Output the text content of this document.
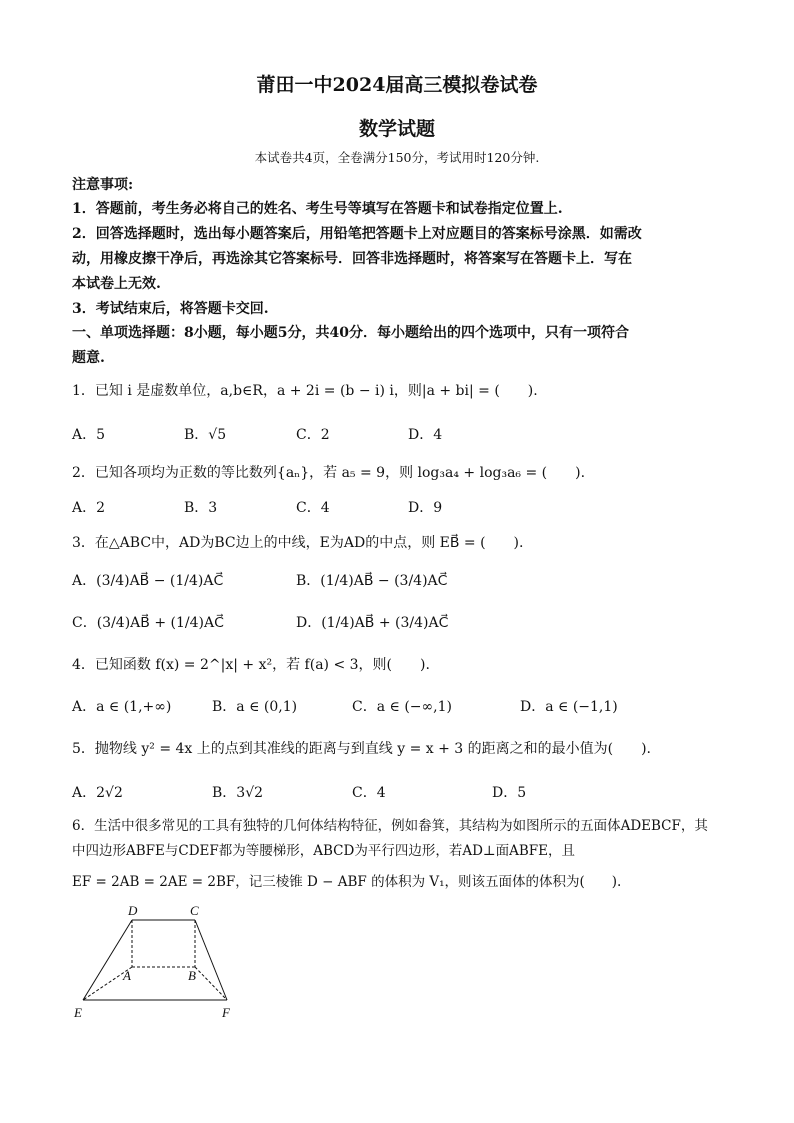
莆田一中2024届高三模拟卷试卷
数学试题
本试卷共4页，全卷满分150分，考试用时120分钟.
注意事项:
1．答题前，考生务必将自己的姓名、考生号等填写在答题卡和试卷指定位置上.
2．回答选择题时，选出每小题答案后，用铅笔把答题卡上对应题目的答案标号涂黑．如需改
动，用橡皮擦干净后，再选涂其它答案标号．回答非选择题时，将答案写在答题卡上．写在
本试卷上无效.
3．考试结束后，将答题卡交回.
一、单项选择题：8小题，每小题5分，共40分．每小题给出的四个选项中，只有一项符合
题意.
1．已知 i 是虚数单位，a,b∈R，a + 2i = (b − i) i，则|a + bi| = (　　).
A．5	B．√5	C．2	D．4
2．已知各项均为正数的等比数列{aₙ}，若 a₅ = 9，则 log₃a₄ + log₃a₆ = (　　).
A．2	B．3	C．4	D．9
3．在△ABC中，AD为BC边上的中线，E为AD的中点，则 EB⃗ = (　　).
A．(3/4)AB⃗ − (1/4)AC⃗	B．(1/4)AB⃗ − (3/4)AC⃗
C．(3/4)AB⃗ + (1/4)AC⃗	D．(1/4)AB⃗ + (3/4)AC⃗
4．已知函数 f(x) = 2^|x| + x²，若 f(a) < 3，则(　　).
A．a ∈ (1,+∞)	B．a ∈ (0,1)	C．a ∈ (−∞,1)	D．a ∈ (−1,1)
5．抛物线 y² = 4x 上的点到其准线的距离与到直线 y = x + 3 的距离之和的最小值为(　　).
A．2√2	B．3√2	C．4	D．5
6．生活中很多常见的工具有独特的几何体结构特征，例如畚箕，其结构为如图所示的五面体ADEBCF，其
中四边形ABFE与CDEF都为等腰梯形，ABCD为平行四边形，若AD⊥面ABFE，且
EF = 2AB = 2AE = 2BF，记三棱锥 D − ABF 的体积为 V₁，则该五面体的体积为(　　).
D	C
A	B
E	F
